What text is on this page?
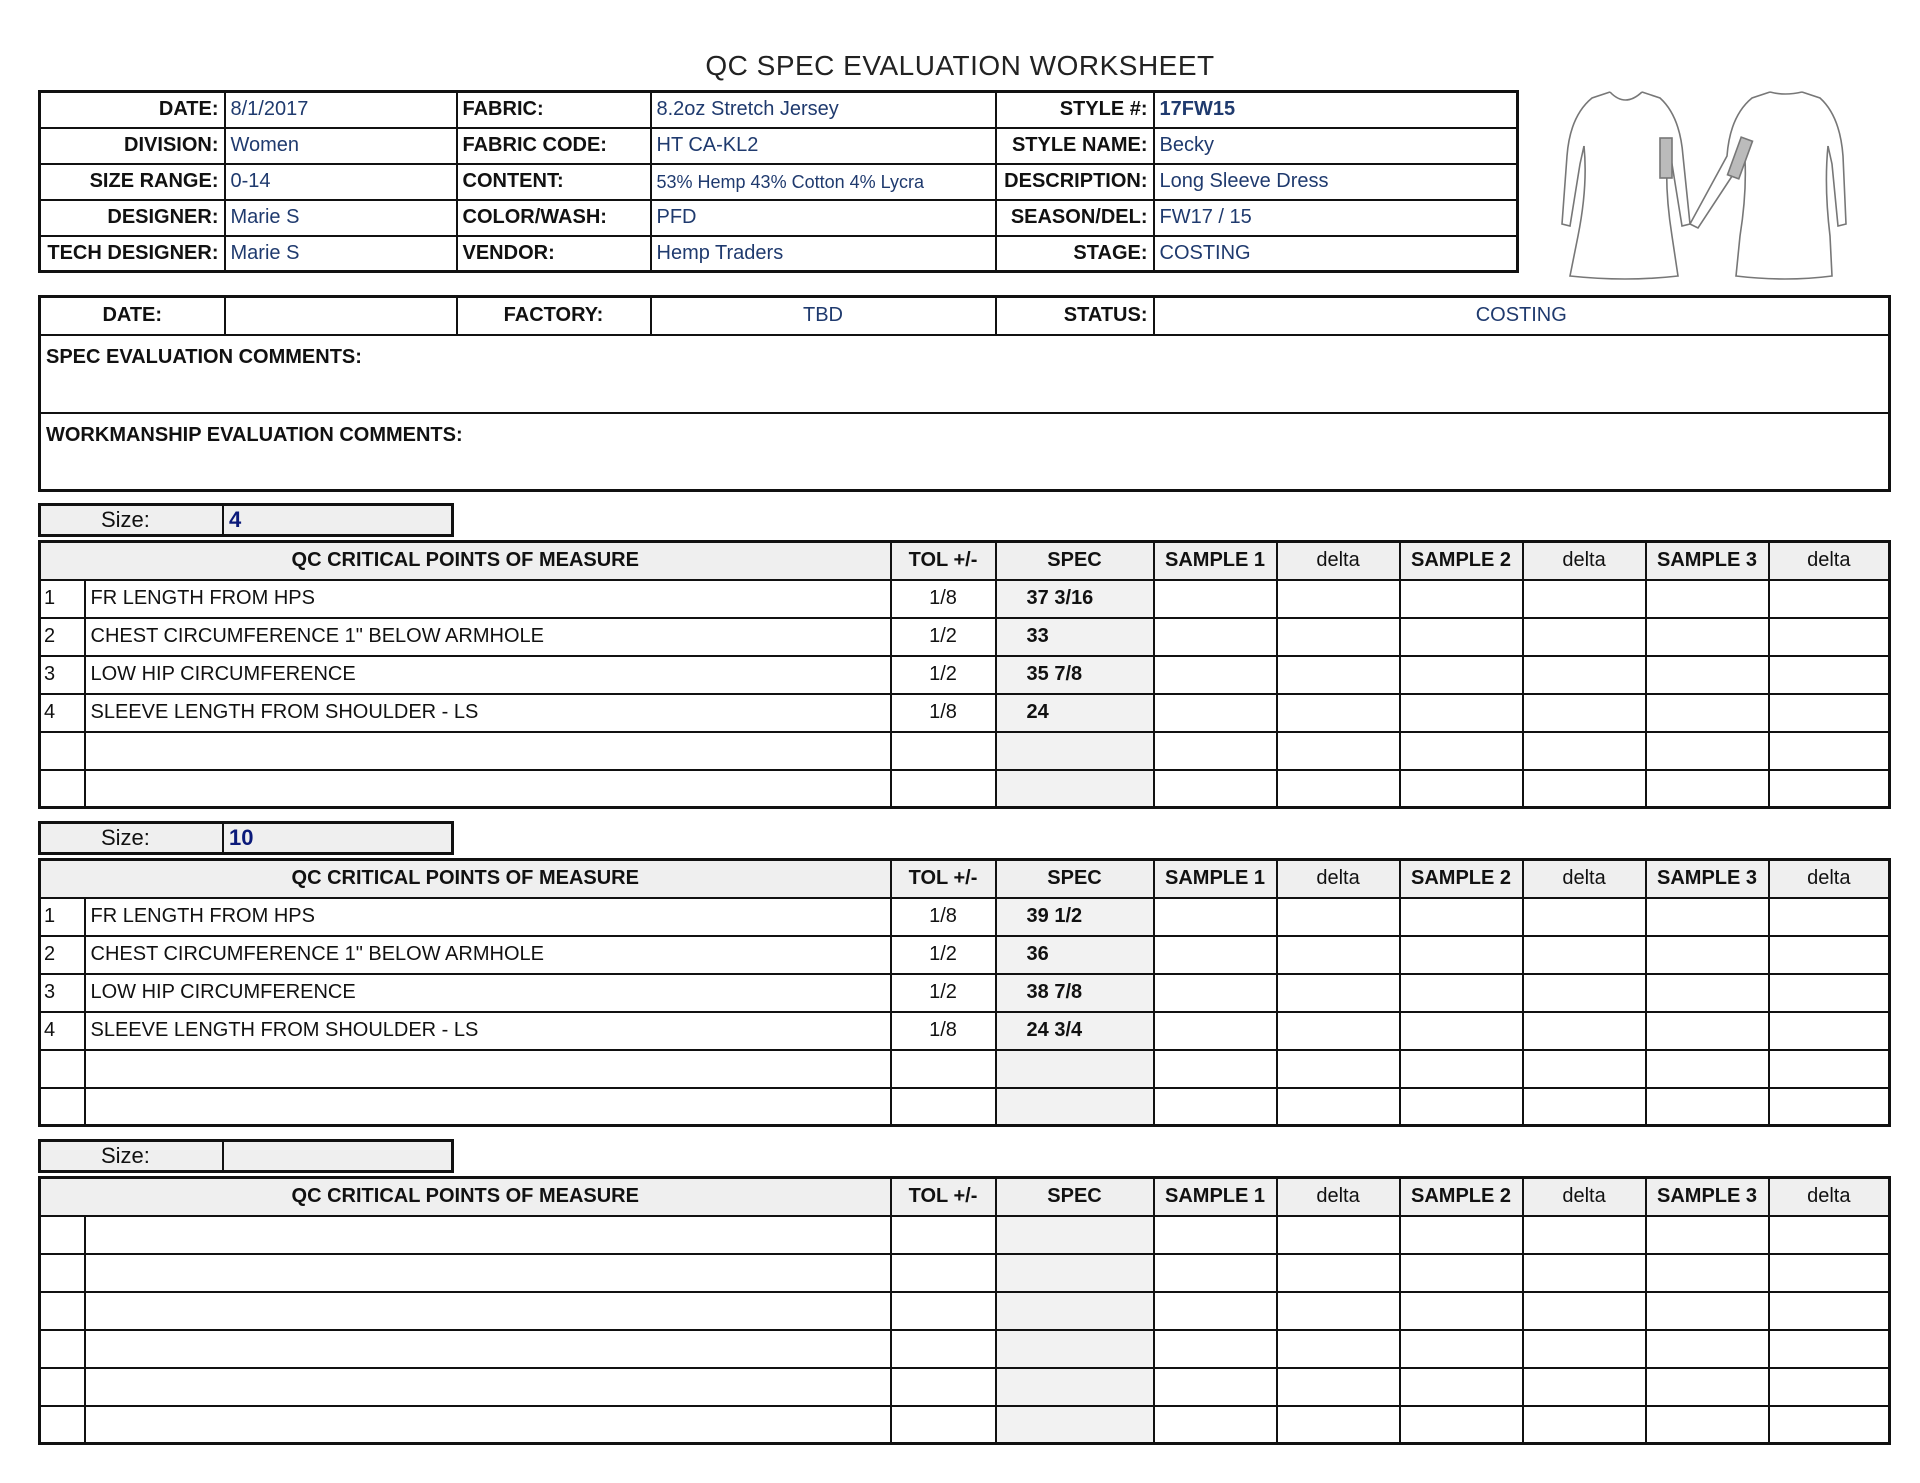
QC SPEC EVALUATION WORKSHEET
DATE:	8/1/2017	FABRIC:	8.2oz Stretch Jersey	STYLE #:	17FW15
DIVISION:	Women	FABRIC CODE:	HT CA-KL2	STYLE NAME:	Becky
SIZE RANGE:	0-14	CONTENT:	53% Hemp 43% Cotton 4% Lycra	DESCRIPTION:	Long Sleeve Dress
DESIGNER:	Marie S	COLOR/WASH:	PFD	SEASON/DEL:	FW17 / 15
TECH DESIGNER:	Marie S	VENDOR:	Hemp Traders	STAGE:	COSTING
DATE:		FACTORY:	TBD	STATUS:	COSTING
SPEC EVALUATION COMMENTS:
WORKMANSHIP EVALUATION COMMENTS:
Size:	4
QC CRITICAL POINTS OF MEASURE		TOL +/-	SPEC	SAMPLE 1	delta	SAMPLE 2	delta	SAMPLE 3	delta
1	FR LENGTH FROM HPS	1/8	37 3/16						
2	CHEST CIRCUMFERENCE 1" BELOW ARMHOLE	1/2	33						
3	LOW HIP CIRCUMFERENCE	1/2	35 7/8						
4	SLEEVE LENGTH FROM SHOULDER - LS	1/8	24						

Size:	10
QC CRITICAL POINTS OF MEASURE		TOL +/-	SPEC	SAMPLE 1	delta	SAMPLE 2	delta	SAMPLE 3	delta
1	FR LENGTH FROM HPS	1/8	39 1/2						
2	CHEST CIRCUMFERENCE 1" BELOW ARMHOLE	1/2	36						
3	LOW HIP CIRCUMFERENCE	1/2	38 7/8						
4	SLEEVE LENGTH FROM SHOULDER - LS	1/8	24 3/4						

Size:
QC CRITICAL POINTS OF MEASURE		TOL +/-	SPEC	SAMPLE 1	delta	SAMPLE 2	delta	SAMPLE 3	delta
